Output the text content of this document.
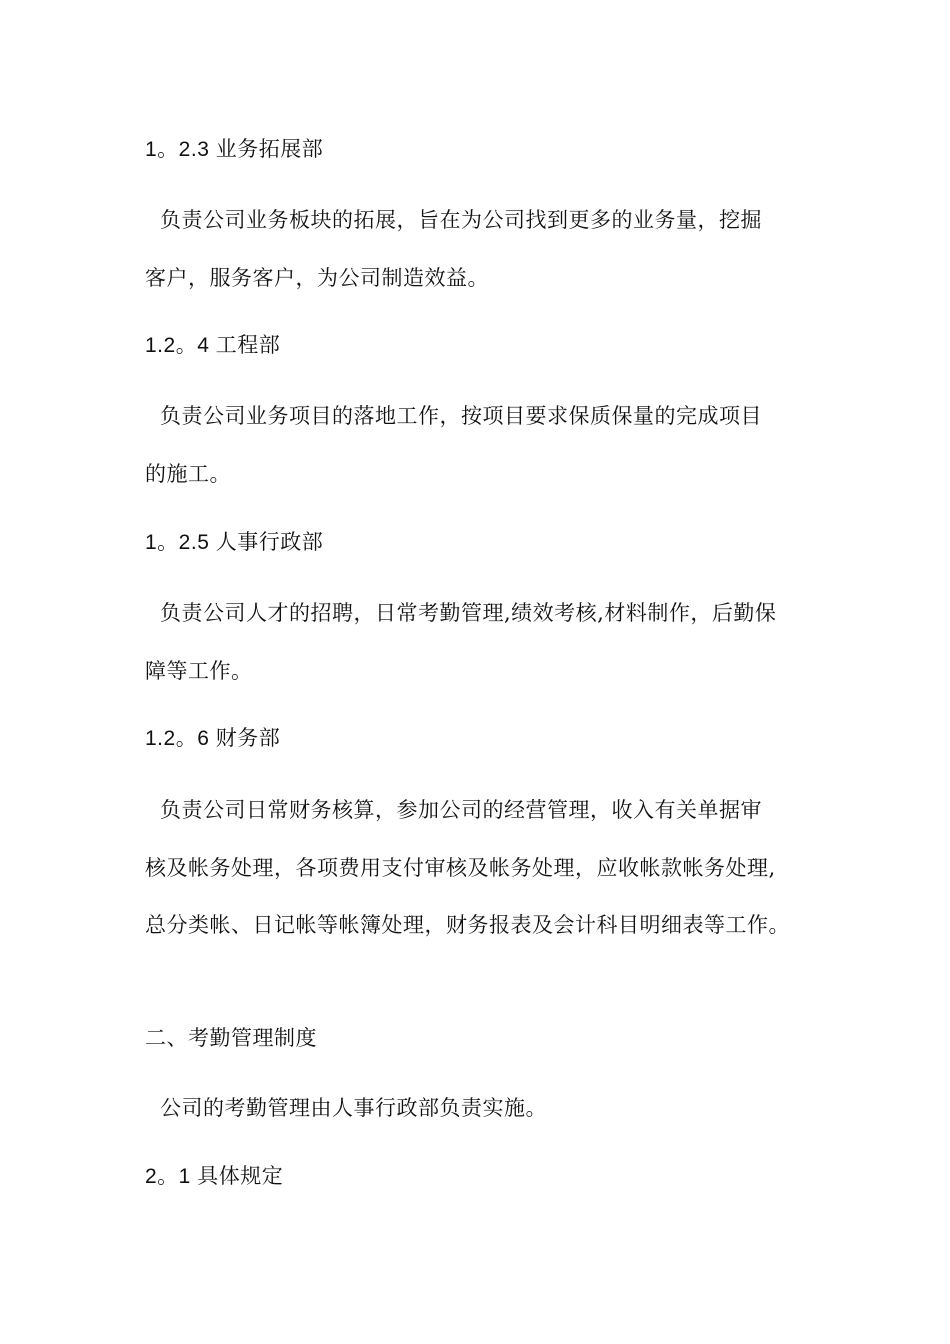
1。2.3 业务拓展部
负责公司业务板块的拓展，旨在为公司找到更多的业务量，挖掘
客户，服务客户，为公司制造效益。
1.2。4 工程部
负责公司业务项目的落地工作，按项目要求保质保量的完成项目
的施工。
1。2.5 人事行政部
负责公司人才的招聘，日常考勤管理,绩效考核,材料制作，后勤保
障等工作。
1.2。6 财务部
负责公司日常财务核算，参加公司的经营管理，收入有关单据审
核及帐务处理，各项费用支付审核及帐务处理，应收帐款帐务处理,
总分类帐、日记帐等帐簿处理，财务报表及会计科目明细表等工作。
二、考勤管理制度
公司的考勤管理由人事行政部负责实施。
2。1 具体规定
